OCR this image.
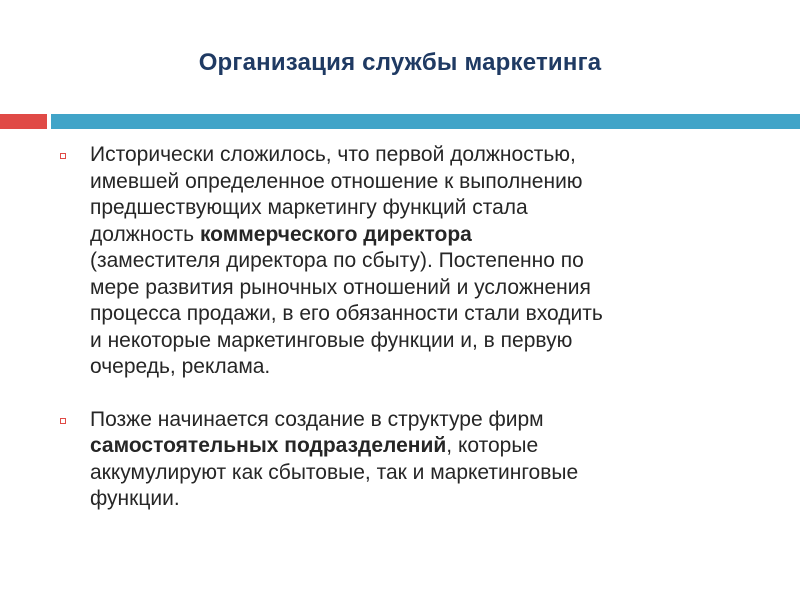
Организация службы маркетинга
Исторически сложилось, что первой должностью,
имевшей определенное отношение к выполнению
предшествующих маркетингу функций стала
должность коммерческого директора
(заместителя директора по сбыту). Постепенно по
мере развития рыночных отношений и усложнения
процесса продажи, в его обязанности стали входить
и некоторые маркетинговые функции и, в первую
очередь, реклама.
Позже начинается создание в структуре фирм
самостоятельных подразделений, которые
аккумулируют как сбытовые, так и маркетинговые
функции.
